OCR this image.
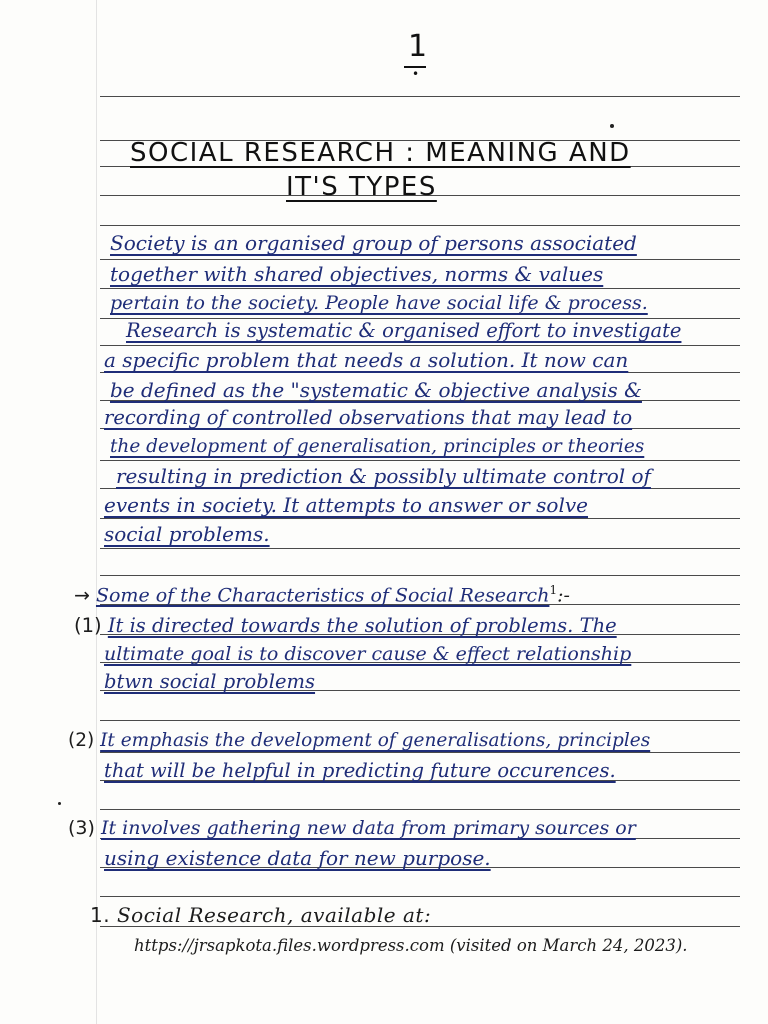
1
•
SOCIAL RESEARCH : MEANING AND
IT'S TYPES
Society is an organised group of persons associated
together with shared objectives, norms & values
pertain to the society. People have social life & process.
Research is systematic & organised effort to investigate
a specific problem that needs a solution. It now can
be defined as the "systematic & objective analysis &
recording of controlled observations that may lead to
the development of generalisation, principles or theories
resulting in prediction & possibly ultimate control of
events in society. It attempts to answer or solve
social problems.
→ Some of the Characteristics of Social Research$^1$:-
(1) It is directed towards the solution of problems. The
ultimate goal is to discover cause & effect relationship
btwn social problems
(2) It emphasis the development of generalisations, principles
that will be helpful in predicting future occurences.
(3) It involves gathering new data from primary sources or
using existence data for new purpose.
1. Social Research, available at:
https://jrsapkota.files.wordpress.com (visited on March 24, 2023).
